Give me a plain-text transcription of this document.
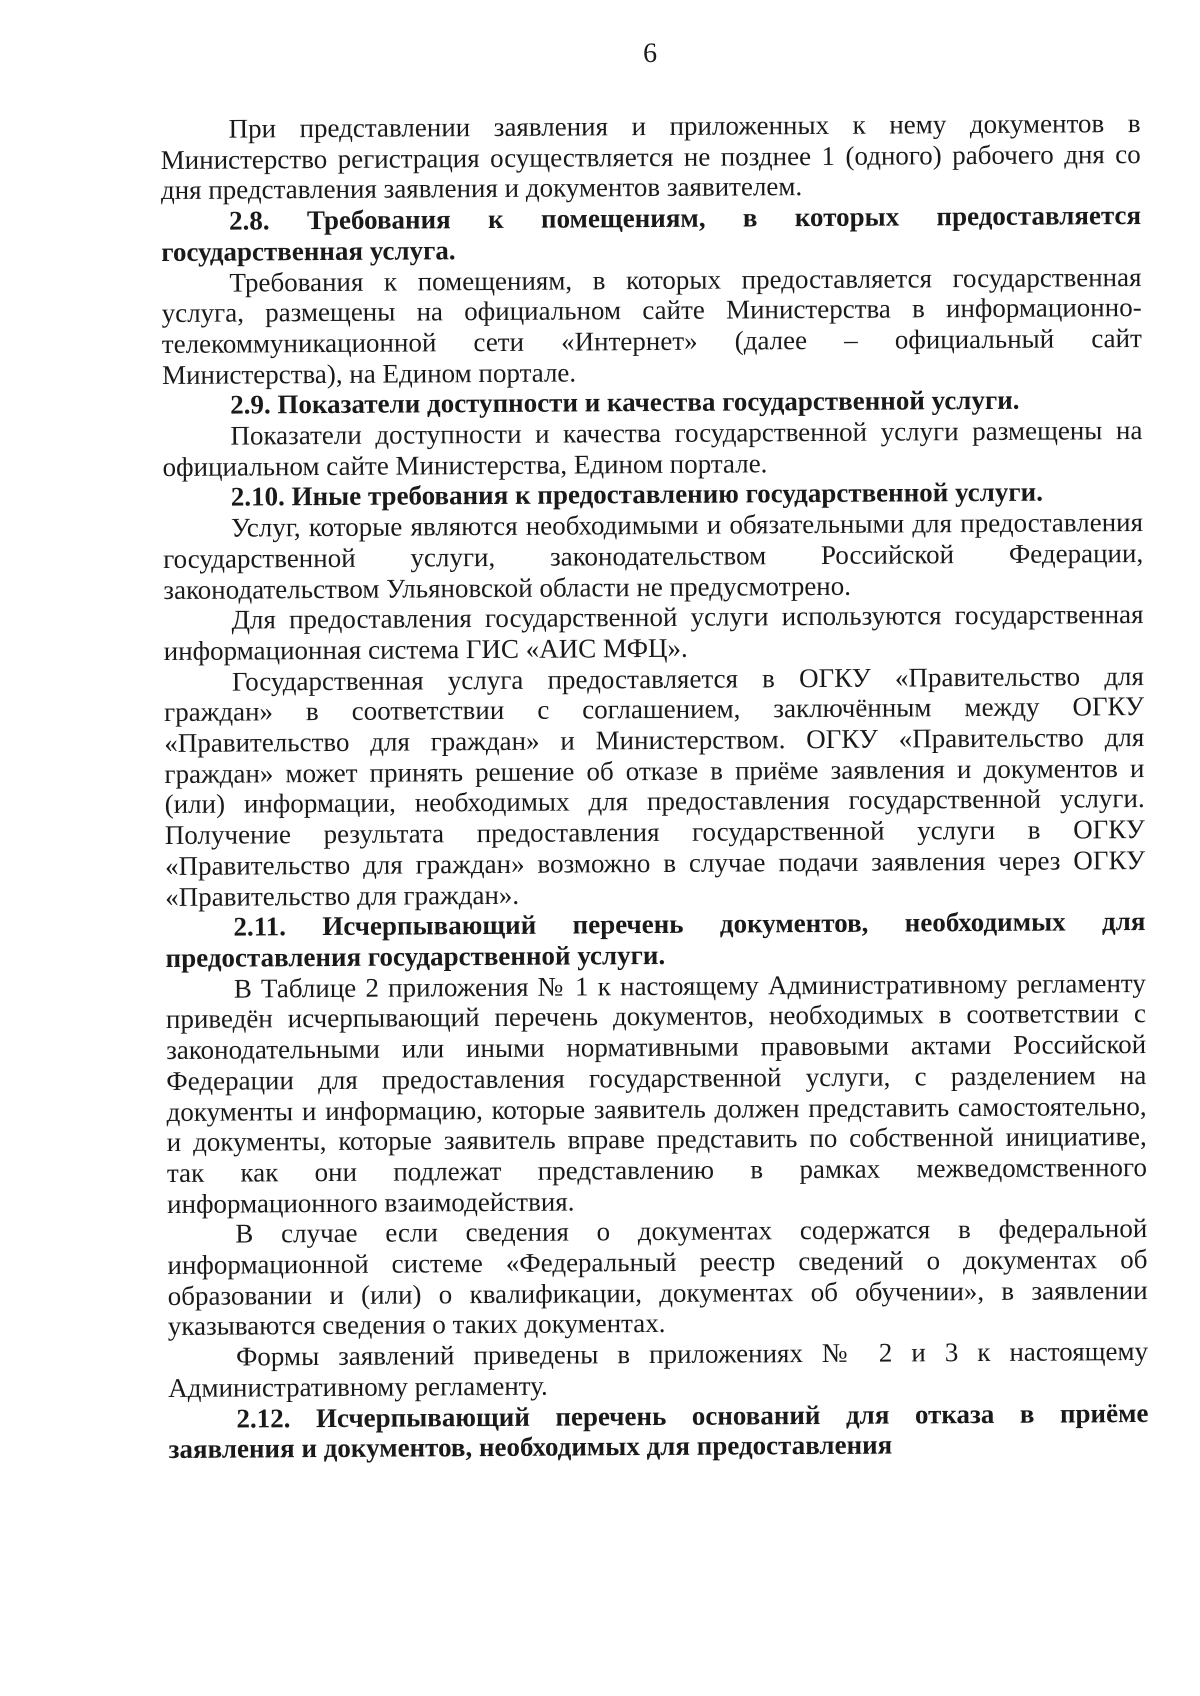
6

При представлении заявления и приложенных к нему документов в Министерство регистрация осуществляется не позднее 1 (одного) рабочего дня со дня представления заявления и документов заявителем.

2.8. Требования к помещениям, в которых предоставляется государственная услуга.

Требования к помещениям, в которых предоставляется государственная услуга, размещены на официальном сайте Министерства в информационно-телекоммуникационной сети «Интернет» (далее – официальный сайт Министерства), на Едином портале.

2.9. Показатели доступности и качества государственной услуги.

Показатели доступности и качества государственной услуги размещены на официальном сайте Министерства, Едином портале.

2.10. Иные требования к предоставлению государственной услуги.

Услуг, которые являются необходимыми и обязательными для предоставления государственной услуги, законодательством Российской Федерации, законодательством Ульяновской области не предусмотрено.

Для предоставления государственной услуги используются государственная информационная система ГИС «АИС МФЦ».

Государственная услуга предоставляется в ОГКУ «Правительство для граждан» в соответствии с соглашением, заключённым между ОГКУ «Правительство для граждан» и Министерством. ОГКУ «Правительство для граждан» может принять решение об отказе в приёме заявления и документов и (или) информации, необходимых для предоставления государственной услуги. Получение результата предоставления государственной услуги в ОГКУ «Правительство для граждан» возможно в случае подачи заявления через ОГКУ «Правительство для граждан».

2.11. Исчерпывающий перечень документов, необходимых для предоставления государственной услуги.

В Таблице 2 приложения № 1 к настоящему Административному регламенту приведён исчерпывающий перечень документов, необходимых в соответствии с законодательными или иными нормативными правовыми актами Российской Федерации для предоставления государственной услуги, с разделением на документы и информацию, которые заявитель должен представить самостоятельно, и документы, которые заявитель вправе представить по собственной инициативе, так как они подлежат представлению в рамках межведомственного информационного взаимодействия.

В случае если сведения о документах содержатся в федеральной информационной системе «Федеральный реестр сведений о документах об образовании и (или) о квалификации, документах об обучении», в заявлении указываются сведения о таких документах.

Формы заявлений приведены в приложениях № 2 и 3 к настоящему Административному регламенту.

2.12. Исчерпывающий перечень оснований для отказа в приёме заявления и документов, необходимых для предоставления
